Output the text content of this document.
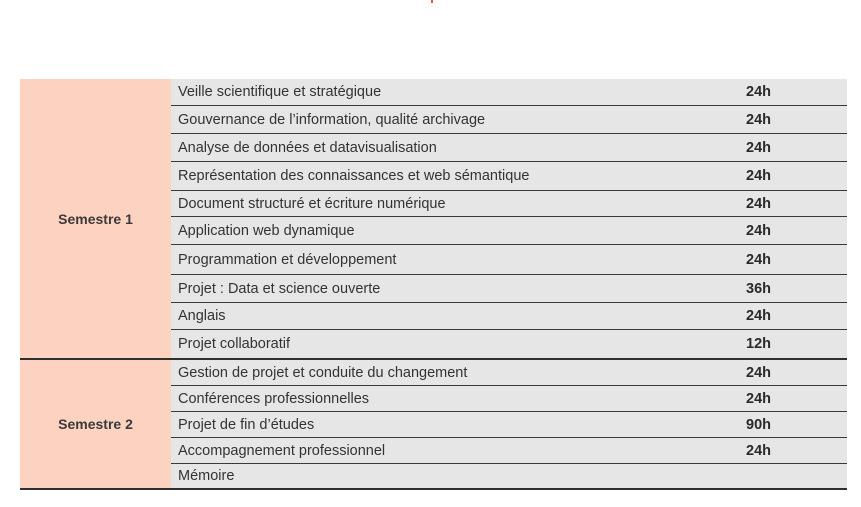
Semestre 1
Veille scientifique et stratégique	24h
Gouvernance de l’information, qualité archivage	24h
Analyse de données et datavisualisation	24h
Représentation des connaissances et web sémantique	24h
Document structuré et écriture numérique	24h
Application web dynamique	24h
Programmation et développement	24h
Projet : Data et science ouverte	36h
Anglais	24h
Projet collaboratif	12h
Semestre 2
Gestion de projet et conduite du changement	24h
Conférences professionnelles	24h
Projet de fin d’études	90h
Accompagnement professionnel	24h
Mémoire
